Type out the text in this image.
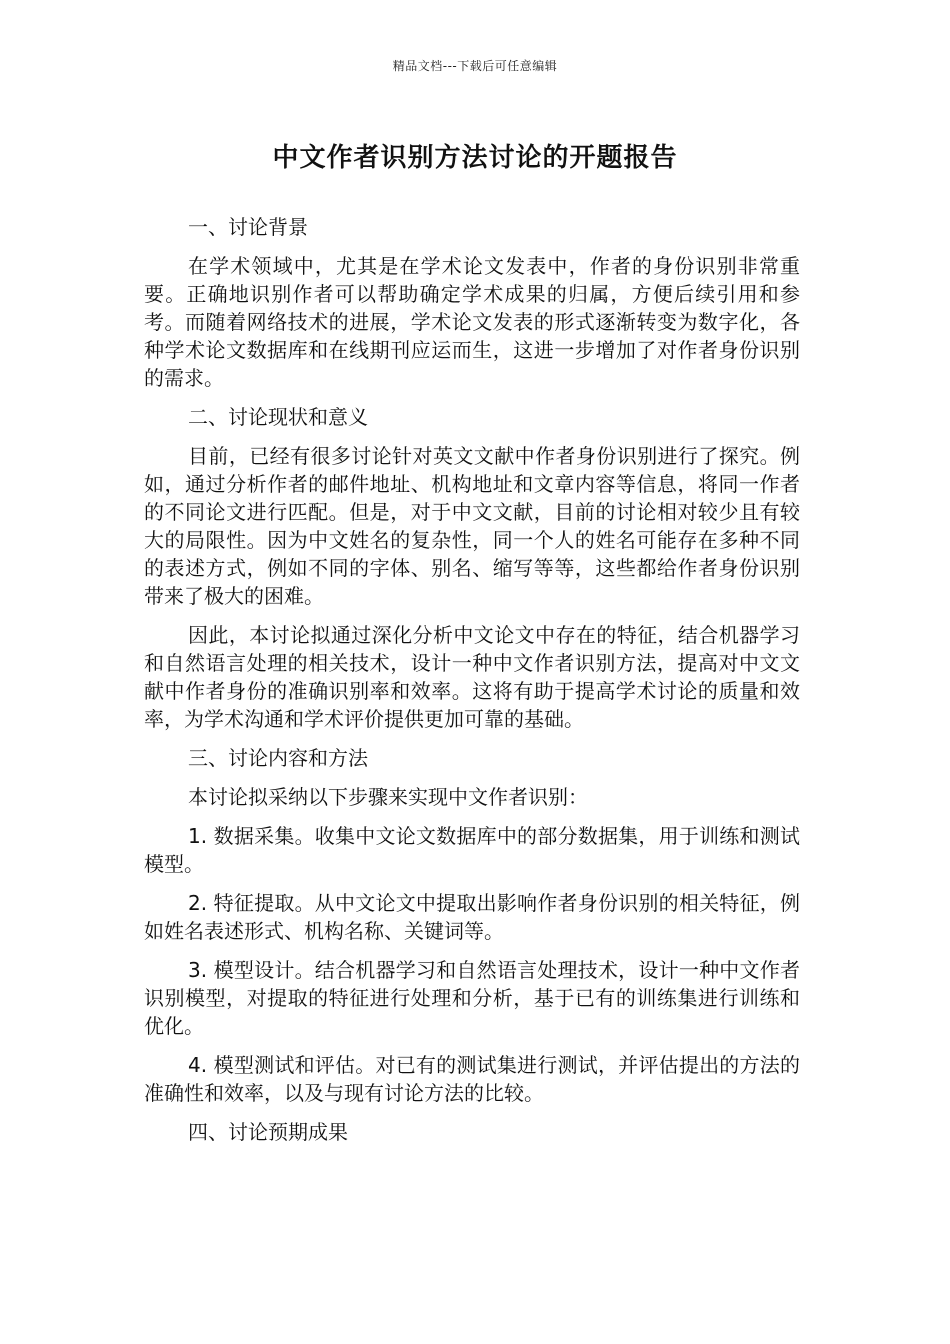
精品文档---下载后可任意编辑
中文作者识别方法讨论的开题报告

一、讨论背景

在学术领域中，尤其是在学术论文发表中，作者的身份识别非常重要。正确地识别作者可以帮助确定学术成果的归属，方便后续引用和参考。而随着网络技术的进展，学术论文发表的形式逐渐转变为数字化，各种学术论文数据库和在线期刊应运而生，这进一步增加了对作者身份识别的需求。

二、讨论现状和意义

目前，已经有很多讨论针对英文文献中作者身份识别进行了探究。例如，通过分析作者的邮件地址、机构地址和文章内容等信息，将同一作者的不同论文进行匹配。但是，对于中文文献，目前的讨论相对较少且有较大的局限性。因为中文姓名的复杂性，同一个人的姓名可能存在多种不同的表述方式，例如不同的字体、别名、缩写等等，这些都给作者身份识别带来了极大的困难。

因此，本讨论拟通过深化分析中文论文中存在的特征，结合机器学习和自然语言处理的相关技术，设计一种中文作者识别方法，提高对中文文献中作者身份的准确识别率和效率。这将有助于提高学术讨论的质量和效率，为学术沟通和学术评价提供更加可靠的基础。

三、讨论内容和方法

本讨论拟采纳以下步骤来实现中文作者识别：

1. 数据采集。收集中文论文数据库中的部分数据集，用于训练和测试模型。

2. 特征提取。从中文论文中提取出影响作者身份识别的相关特征，例如姓名表述形式、机构名称、关键词等。

3. 模型设计。结合机器学习和自然语言处理技术，设计一种中文作者识别模型，对提取的特征进行处理和分析，基于已有的训练集进行训练和优化。

4. 模型测试和评估。对已有的测试集进行测试，并评估提出的方法的准确性和效率，以及与现有讨论方法的比较。

四、讨论预期成果
